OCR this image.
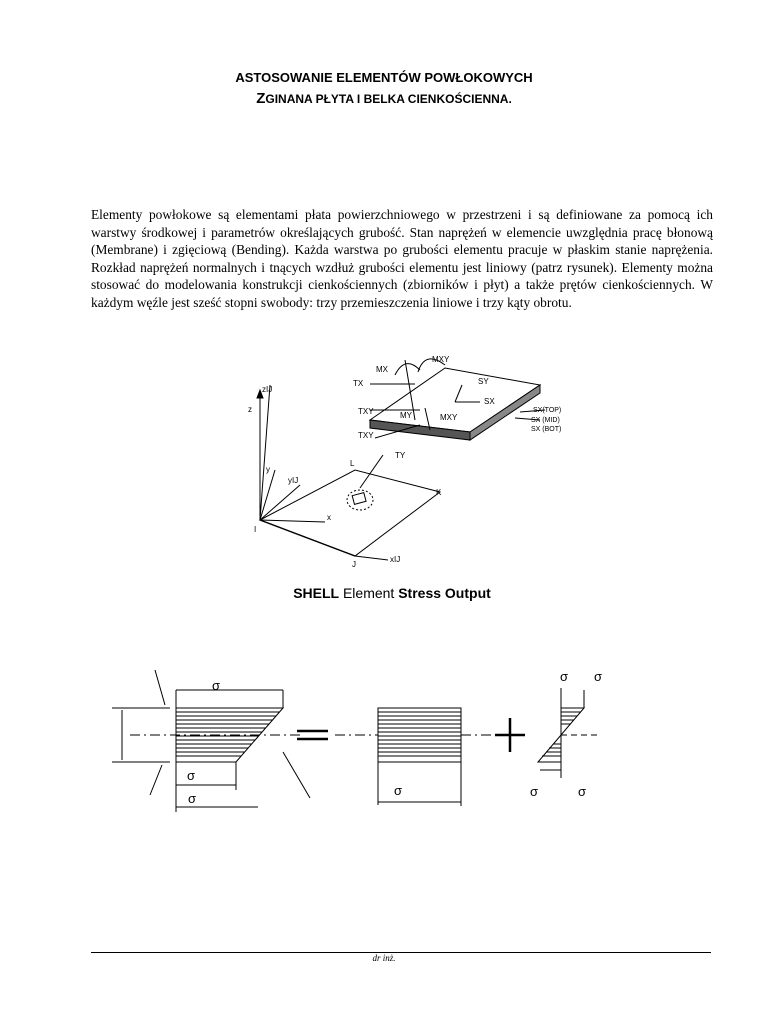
ASTOSOWANIE ELEMENTÓW POWŁOKOWYCH
ZGINANA PŁYTA I BELKA CIENKOŚCIENNA.

Elementy powłokowe są elementami płata powierzchniowego w przestrzeni i są definiowane za pomocą ich warstwy środkowej i parametrów określających grubość. Stan naprężeń w elemencie uwzględnia pracę błonową (Membrane) i zgięciową (Bending). Każda warstwa po grubości elementu pracuje w płaskim stanie naprężenia. Rozkład naprężeń normalnych i tnących wzdłuż grubości elementu jest liniowy (patrz rysunek). Elementy można stosować do modelowania konstrukcji cienkościennych (zbiorników i płyt) a także prętów cienkościennych. W każdym węźle jest sześć stopni swobody: trzy przemieszczenia liniowe i trzy kąty obrotu.

zIJ
z
y
yIJ
x
xIJ
I
J
K
L
MX
MXY
TX	SY
SX
TXY	MY	MXY
TXY
TY
SX(TOP)
SX (MID)
SX (BOT)
SHELL Element Stress Output
σ
σ
σ
σ
σ σ
σ	σ
dr inż.
